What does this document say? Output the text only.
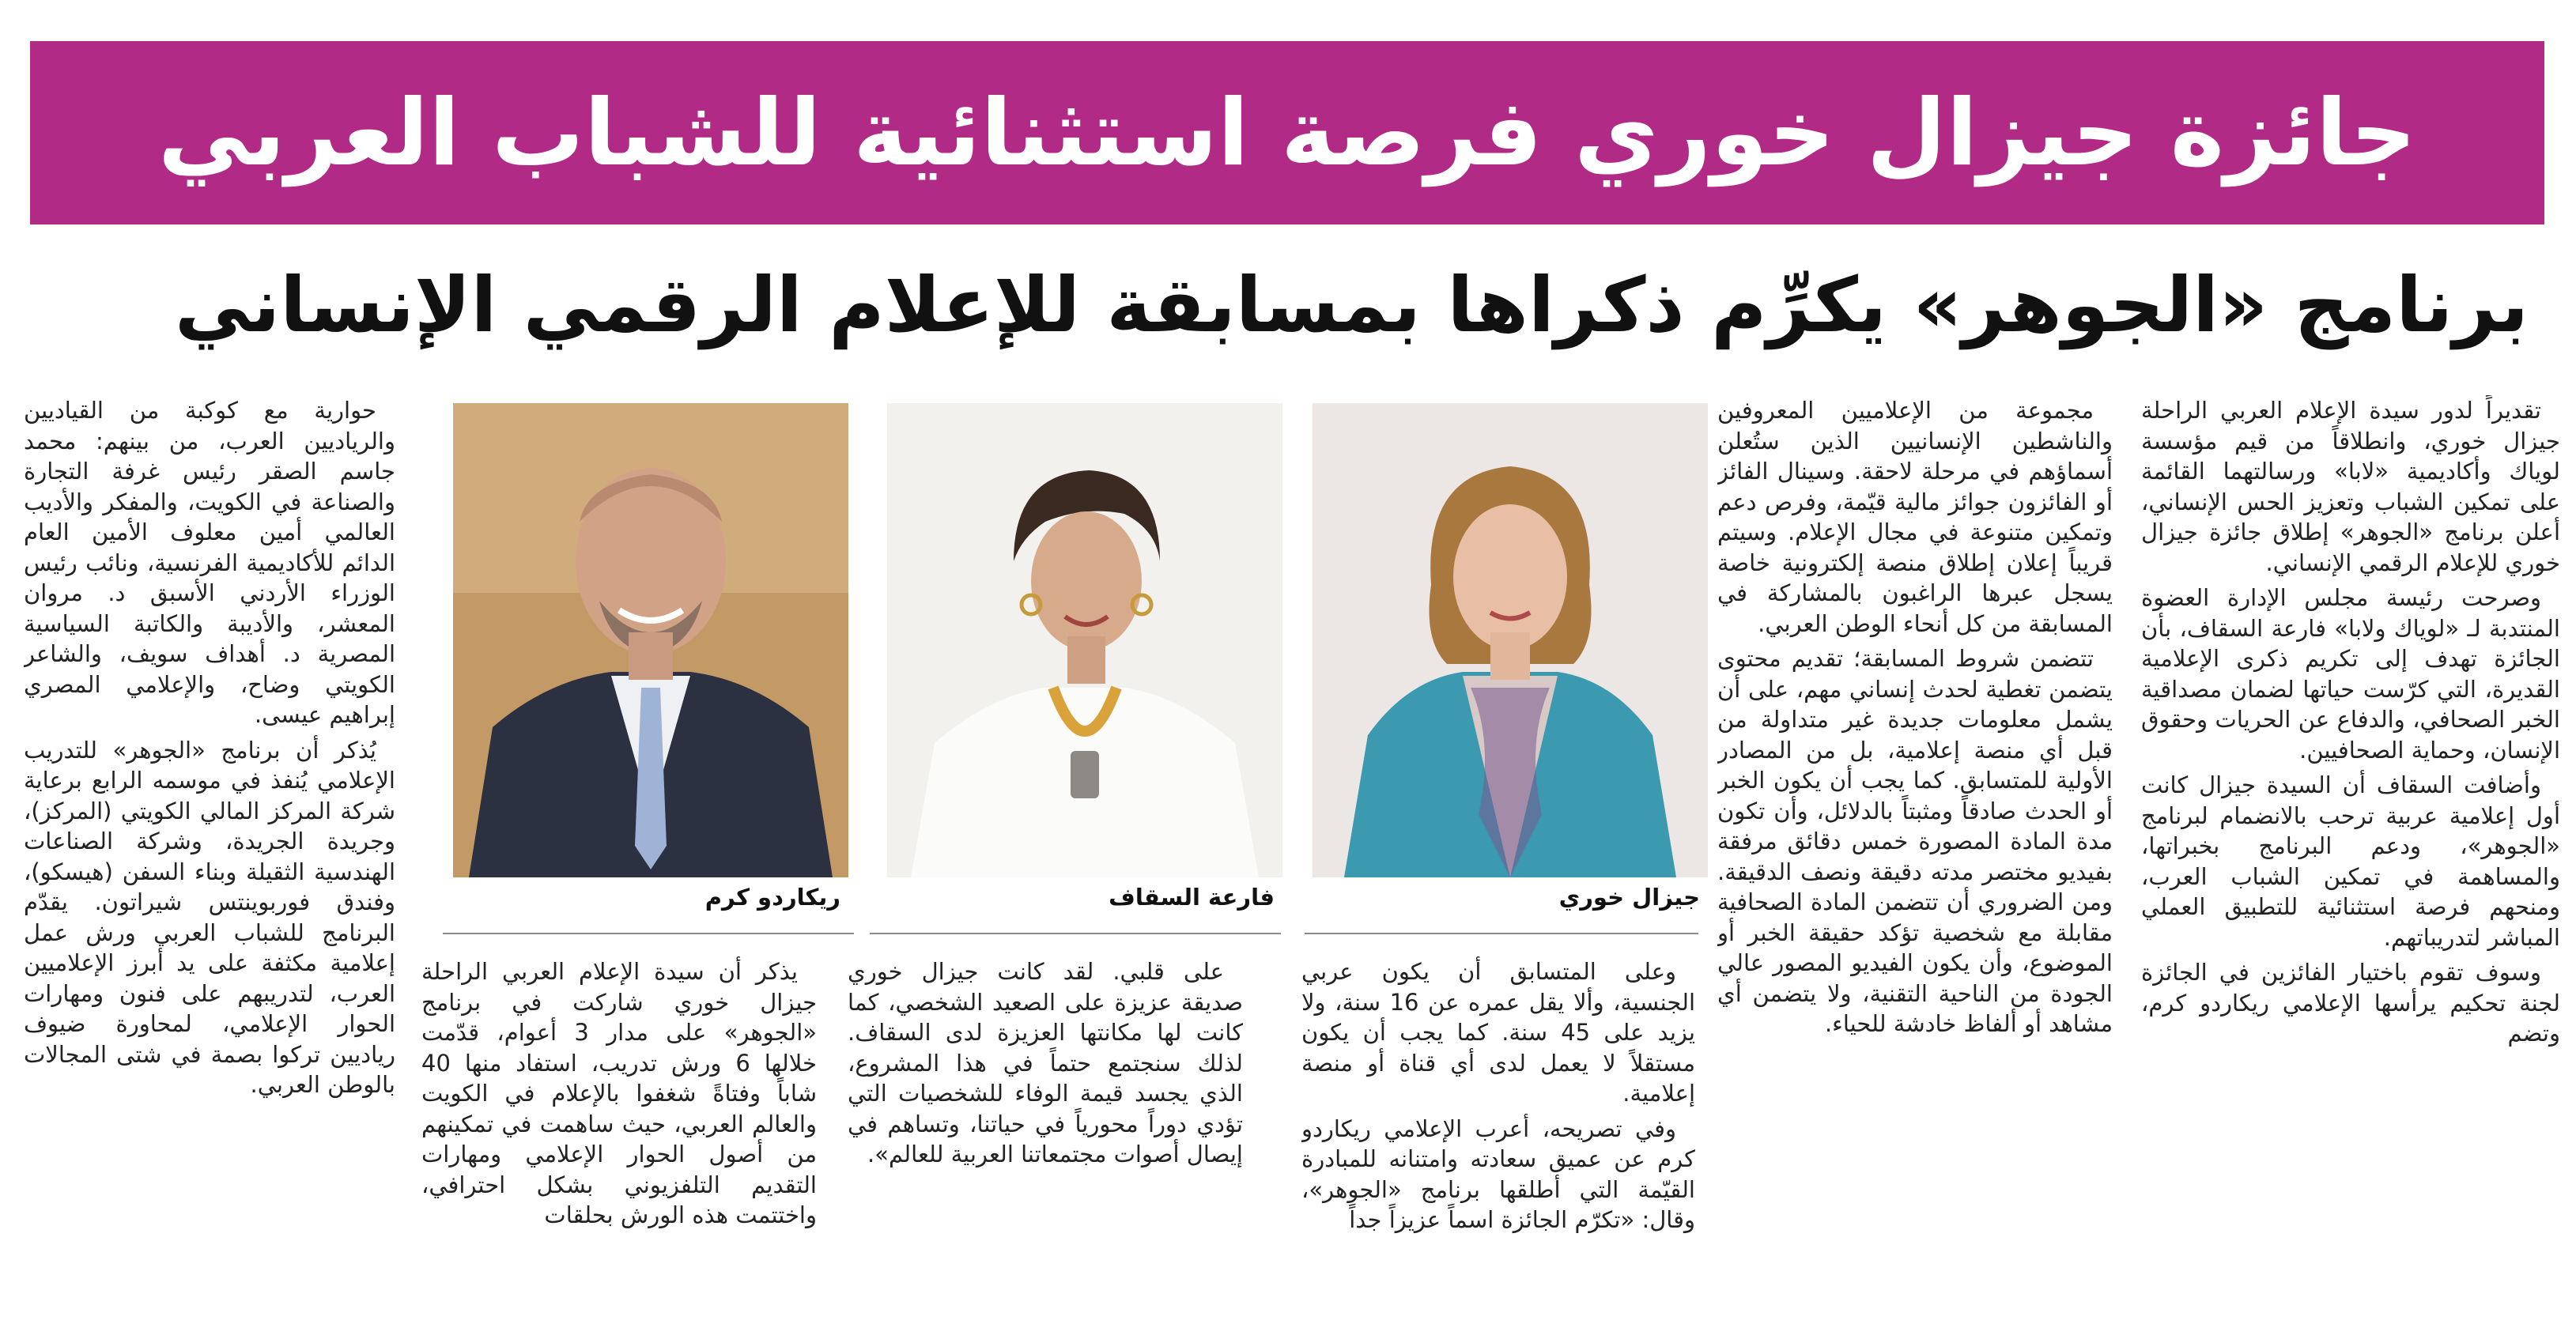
جائزة جيزال خوري فرصة استثنائية للشباب العربي
برنامج «الجوهر» يكرِّم ذكراها بمسابقة للإعلام الرقمي الإنساني

تقديراً لدور سيدة الإعلام العربي الراحلة جيزال خوري، وانطلاقاً من قيم مؤسسة لوياك وأكاديمية «لابا» ورسالتهما القائمة على تمكين الشباب وتعزيز الحس الإنساني، أعلن برنامج «الجوهر» إطلاق جائزة جيزال خوري للإعلام الرقمي الإنساني.

وصرحت رئيسة مجلس الإدارة العضوة المنتدبة لـ «لوياك ولابا» فارعة السقاف، بأن الجائزة تهدف إلى تكريم ذكرى الإعلامية القديرة، التي كرّست حياتها لضمان مصداقية الخبر الصحافي، والدفاع عن الحريات وحقوق الإنسان، وحماية الصحافيين.

وأضافت السقاف أن السيدة جيزال كانت أول إعلامية عربية ترحب بالانضمام لبرنامج «الجوهر»، ودعم البرنامج بخبراتها، والمساهمة في تمكين الشباب العرب، ومنحهم فرصة استثنائية للتطبيق العملي المباشر لتدريباتهم.

وسوف تقوم باختيار الفائزين في الجائزة لجنة تحكيم يرأسها الإعلامي ريكاردو كرم، وتضم

مجموعة من الإعلاميين المعروفين والناشطين الإنسانيين الذين ستُعلن أسماؤهم في مرحلة لاحقة. وسينال الفائز أو الفائزون جوائز مالية قيّمة، وفرص دعم وتمكين متنوعة في مجال الإعلام. وسيتم قريباً إعلان إطلاق منصة إلكترونية خاصة يسجل عبرها الراغبون بالمشاركة في المسابقة من كل أنحاء الوطن العربي.

تتضمن شروط المسابقة؛ تقديم محتوى يتضمن تغطية لحدث إنساني مهم، على أن يشمل معلومات جديدة غير متداولة من قبل أي منصة إعلامية، بل من المصادر الأولية للمتسابق. كما يجب أن يكون الخبر أو الحدث صادقاً ومثبتاً بالدلائل، وأن تكون مدة المادة المصورة خمس دقائق مرفقة بفيديو مختصر مدته دقيقة ونصف الدقيقة. ومن الضروري أن تتضمن المادة الصحافية مقابلة مع شخصية تؤكد حقيقة الخبر أو الموضوع، وأن يكون الفيديو المصور عالي الجودة من الناحية التقنية، ولا يتضمن أي مشاهد أو ألفاظ خادشة للحياء.

جيزال خوري
فارعة السقاف
ريكاردو كرم

وعلى المتسابق أن يكون عربي الجنسية، وألا يقل عمره عن 16 سنة، ولا يزيد على 45 سنة. كما يجب أن يكون مستقلاً لا يعمل لدى أي قناة أو منصة إعلامية.

وفي تصريحه، أعرب الإعلامي ريكاردو كرم عن عميق سعادته وامتنانه للمبادرة القيّمة التي أطلقها برنامج «الجوهر»، وقال: «تكرّم الجائزة اسماً عزيزاً جداً

على قلبي. لقد كانت جيزال خوري صديقة عزيزة على الصعيد الشخصي، كما كانت لها مكانتها العزيزة لدى السقاف. لذلك سنجتمع حتماً في هذا المشروع، الذي يجسد قيمة الوفاء للشخصيات التي تؤدي دوراً محورياً في حياتنا، وتساهم في إيصال أصوات مجتمعاتنا العربية للعالم».

يذكر أن سيدة الإعلام العربي الراحلة جيزال خوري شاركت في برنامج «الجوهر» على مدار 3 أعوام، قدّمت خلالها 6 ورش تدريب، استفاد منها 40 شاباً وفتاةً شغفوا بالإعلام في الكويت والعالم العربي، حيث ساهمت في تمكينهم من أصول الحوار الإعلامي ومهارات التقديم التلفزيوني بشكل احترافي، واختتمت هذه الورش بحلقات

حوارية مع كوكبة من القياديين والرياديين العرب، من بينهم: محمد جاسم الصقر رئيس غرفة التجارة والصناعة في الكويت، والمفكر والأديب العالمي أمين معلوف الأمين العام الدائم للأكاديمية الفرنسية، ونائب رئيس الوزراء الأردني الأسبق د. مروان المعشر، والأديبة والكاتبة السياسية المصرية د. أهداف سويف، والشاعر الكويتي وضاح، والإعلامي المصري إبراهيم عيسى.

يُذكر أن برنامج «الجوهر» للتدريب الإعلامي يُنفذ في موسمه الرابع برعاية شركة المركز المالي الكويتي (المركز)، وجريدة الجريدة، وشركة الصناعات الهندسية الثقيلة وبناء السفن (هيسكو)، وفندق فوربوينتس شيراتون. يقدّم البرنامج للشباب العربي ورش عمل إعلامية مكثفة على يد أبرز الإعلاميين العرب، لتدريبهم على فنون ومهارات الحوار الإعلامي، لمحاورة ضيوف رياديين تركوا بصمة في شتى المجالات بالوطن العربي.
